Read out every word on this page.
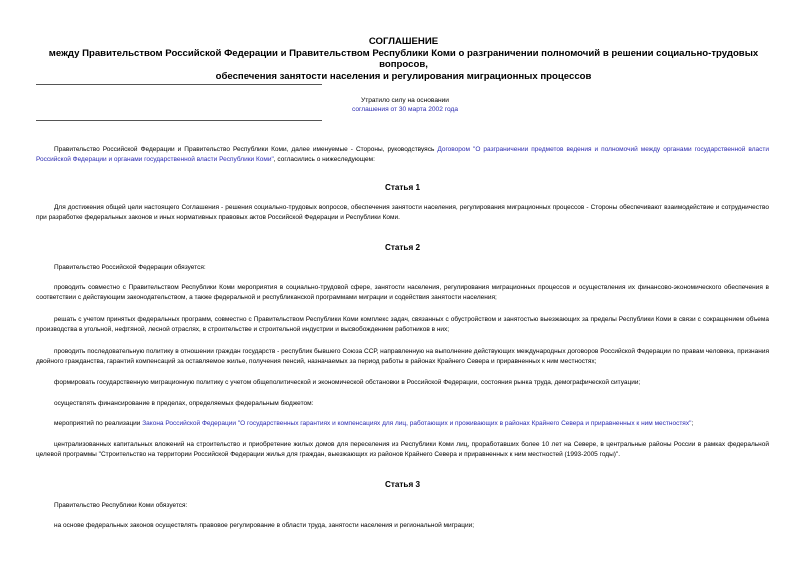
СОГЛАШЕНИЕ
между Правительством Российской Федерации и Правительством Республики Коми о разграничении полномочий в решении социально-трудовых вопросов,
обеспечения занятости населения и регулирования миграционных процессов
Утратило силу на основании
соглашения от 30 марта 2002 года
Правительство Российской Федерации и Правительство Республики Коми, далее именуемые - Стороны, руководствуясь Договором "О разграничении предметов ведения и полномочий между органами государственной власти Российской Федерации и органами государственной власти Республики Коми", согласились о нижеследующем:
Статья 1
Для достижения общей цели настоящего Соглашения - решения социально-трудовых вопросов, обеспечения занятости населения, регулирования миграционных процессов - Стороны обеспечивают взаимодействие и сотрудничество при разработке федеральных законов и иных нормативных правовых актов Российской Федерации и Республики Коми.
Статья 2
Правительство Российской Федерации обязуется:
проводить совместно с Правительством Республики Коми мероприятия в социально-трудовой сфере, занятости населения, регулирования миграционных процессов и осуществления их финансово-экономического обеспечения в соответствии с действующим законодательством, а также федеральной и республиканской программами миграции и содействия занятости населения;
решать с учетом принятых федеральных программ, совместно с Правительством Республики Коми комплекс задач, связанных с обустройством и занятостью выезжающих за пределы Республики Коми в связи с сокращением объема производства в угольной, нефтяной, лесной отраслях, в строительстве и строительной индустрии и высвобождением работников в них;
проводить последовательную политику в отношении граждан государств - республик бывшего Союза ССР, направленную на выполнение действующих международных договоров Российской Федерации по правам человека, признания двойного гражданства, гарантий компенсаций за оставляемое жилье, получения пенсий, назначаемых за период работы в районах Крайнего Севера и приравненных к ним местностях;
формировать государственную миграционную политику с учетом общеполитической и экономической обстановки в Российской Федерации, состояния рынка труда, демографической ситуации;
осуществлять финансирование в пределах, определяемых федеральным бюджетом:
мероприятий по реализации Закона Российской Федерации "О государственных гарантиях и компенсациях для лиц, работающих и проживающих в районах Крайнего Севера и приравненных к ним местностях";
централизованных капитальных вложений на строительство и приобретение жилых домов для переселения из Республики Коми лиц, проработавших более 10 лет на Севере, в центральные районы России в рамках федеральной целевой программы "Строительство на территории Российской Федерации жилья для граждан, выезжающих из районов Крайнего Севера и приравненных к ним местностей (1993-2005 годы)".
Статья 3
Правительство Республики Коми обязуется:
на основе федеральных законов осуществлять правовое регулирование в области труда, занятости населения и региональной миграции;
